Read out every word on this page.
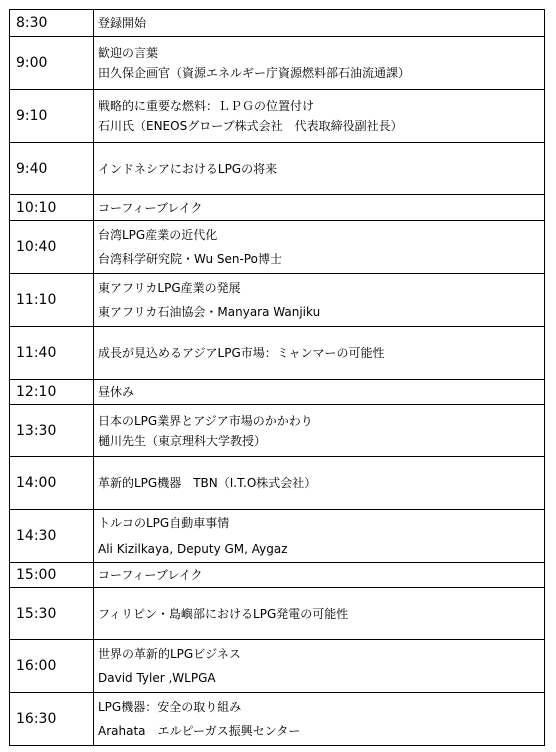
8:30	登録開始

9:00	歓迎の言葉
田久保企画官（資源エネルギー庁資源燃料部石油流通課）

9:10	戦略的に重要な燃料：ＬＰＧの位置付け
石川氏（ENEOSグローブ株式会社　代表取締役副社長）

9:40	インドネシアにおけるLPGの将来

10:10	コーフィーブレイク

10:40	台湾LPG産業の近代化
台湾科学研究院・Wu Sen-Po博士

11:10	東アフリカLPG産業の発展
東アフリカ石油協会・Manyara Wanjiku

11:40	成長が見込めるアジアLPG市場：ミャンマーの可能性

12:10	昼休み

13:30	日本のLPG業界とアジア市場のかかわり
樋川先生（東京理科大学教授）

14:00	革新的LPG機器　TBN（I.T.O株式会社）

14:30	トルコのLPG自動車事情
Ali Kizilkaya, Deputy GM, Aygaz

15:00	コーフィーブレイク

15:30	フィリピン・島嶼部におけるLPG発電の可能性

16:00	世界の革新的LPGビジネス
David Tyler ,WLPGA

16:30	LPG機器：安全の取り組み
Arahata　エルピーガス振興センター
